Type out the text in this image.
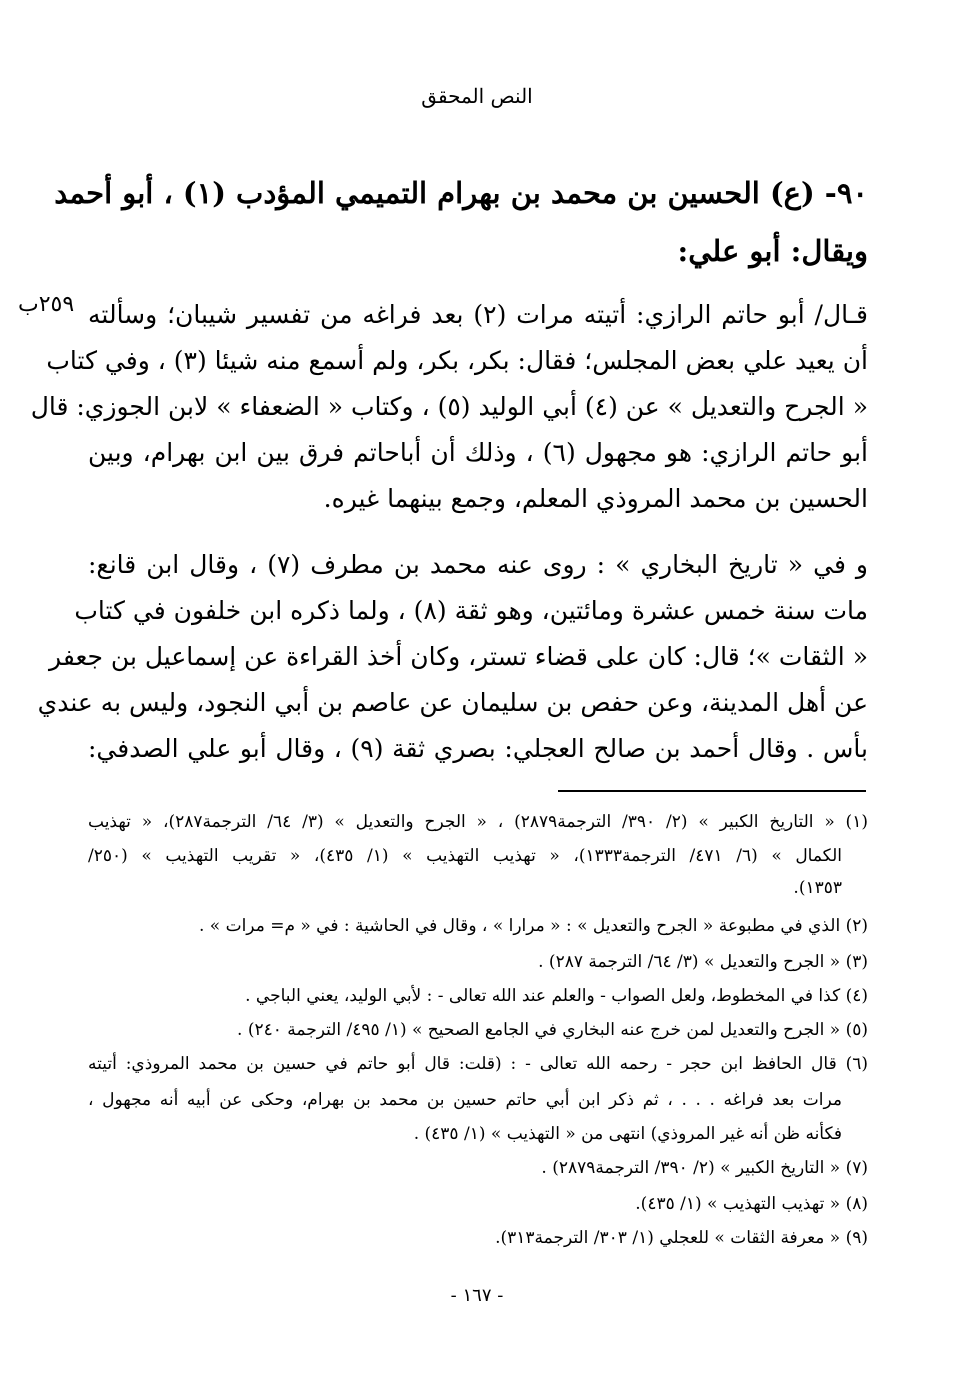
النص المحقق
٩٠- (ع) الحسين بن محمد بن بهرام التميمي المؤدب (١) ، أبو أحمد
ويقال: أبو علي:
٢٥٩ب قـال/ أبو حاتم الرازي: أتيته مرات (٢) بعد فراغه من تفسير شيبان؛ وسألته
أن يعيد علي بعض المجلس؛ فقال: بكر، بكر، ولم أسمع منه شيئا (٣) ، وفي كتاب
« الجرح والتعديل » عن (٤) أبي الوليد (٥) ، وكتاب « الضعفاء » لابن الجوزي: قال
أبو حاتم الرازي: هو مجهول (٦) ، وذلك أن أباحاتم فرق بين ابن بهرام، وبين
الحسين بن محمد المروذي المعلم، وجمع بينهما غيره.
و في « تاريخ البخاري » : روى عنه محمد بن مطرف (٧) ، وقال ابن قانع:
مات سنة خمس عشرة ومائتين، وهو ثقة (٨) ، ولما ذكره ابن خلفون في كتاب
« الثقات »؛ قال: كان على قضاء تستر، وكان أخذ القراءة عن إسماعيل بن جعفر
عن أهل المدينة، وعن حفص بن سليمان عن عاصم بن أبي النجود، وليس به عندي
بأس . وقال أحمد بن صالح العجلي: بصري ثقة (٩) ، وقال أبو علي الصدفي:
(١) « التاريخ الكبير » (٢/ ٣٩٠/ الترجمة٢٨٧٩) ، « الجرح والتعديل » (٣/ ٦٤/ الترجمة٢٨٧)، « تهذيب
الكمال » (٦/ ٤٧١/ الترجمة١٣٣٣)، « تهذيب التهذيب » (١/ ٤٣٥)، « تقريب التهذيب » (٢٥٠/
١٣٥٣).
(٢) الذي في مطبوعة « الجرح والتعديل » : « مرارا » ، وقال في الحاشية : في « م= مرات » .
(٣) « الجرح والتعديل » (٣/ ٦٤/ الترجمة ٢٨٧) .
(٤) كذا في المخطوط، ولعل الصواب - والعلم عند الله تعالى - : لأبي الوليد، يعني الباجي .
(٥) « الجرح والتعديل لمن خرج عنه البخاري في الجامع الصحيح » (١/ ٤٩٥/ الترجمة ٢٤٠) .
(٦) قال الحافظ ابن حجر - رحمه الله تعالى - : (قلت: قال أبو حاتم في حسين بن محمد المروذي: أتيته
مرات بعد فراغه . . . ، ثم ذكر ابن أبي حاتم حسين بن محمد بن بهرام، وحكى عن أبيه أنه مجهول ،
فكأنه ظن أنه غير المروذي) انتهى من « التهذيب » (١/ ٤٣٥) .
(٧) « التاريخ الكبير » (٢/ ٣٩٠/ الترجمة٢٨٧٩) .
(٨) « تهذيب التهذيب » (١/ ٤٣٥).
(٩) « معرفة الثقات » للعجلي (١/ ٣٠٣/ الترجمة٣١٣).
- ١٦٧ -
